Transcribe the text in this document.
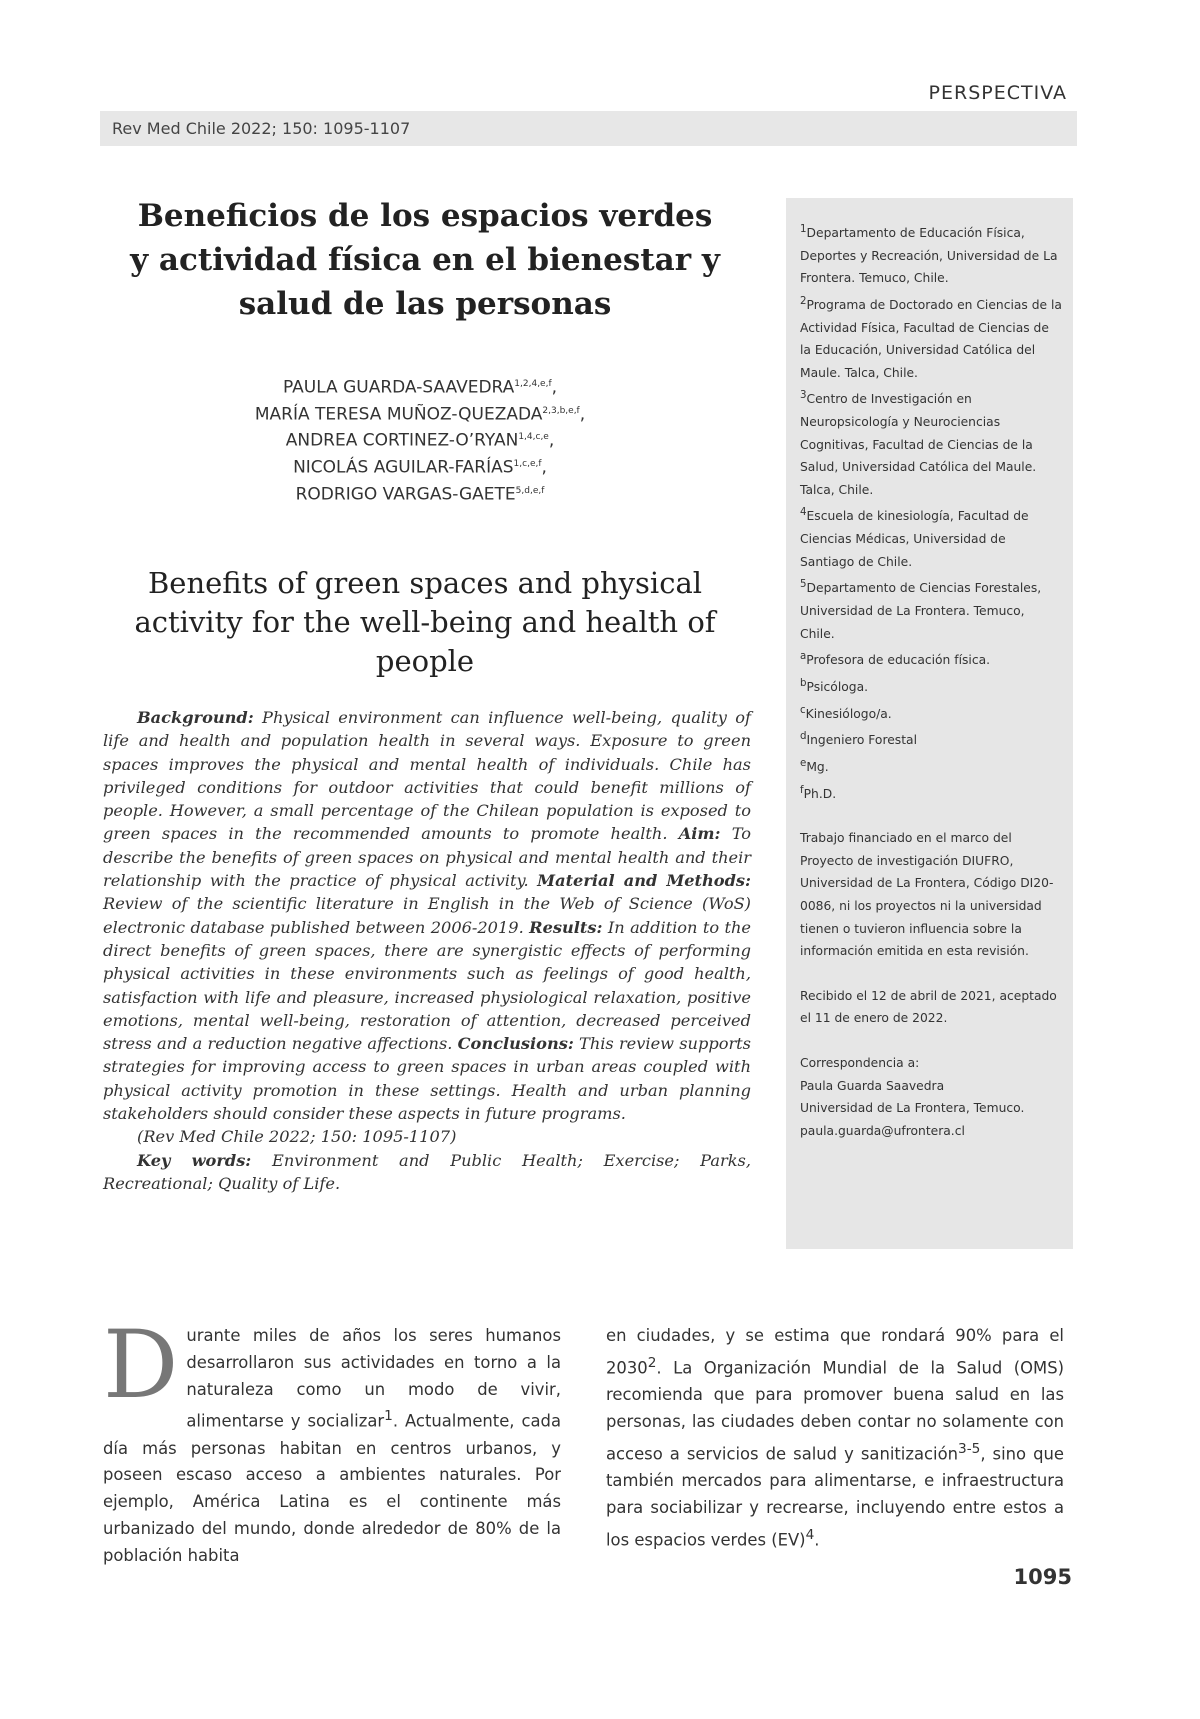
PERSPECTIVA
Rev Med Chile 2022; 150: 1095-1107
Beneficios de los espacios verdes y actividad física en el bienestar y salud de las personas
PAULA GUARDA-SAAVEDRA$^{1,2,4,e,f}$,
MARÍA TERESA MUÑOZ-QUEZADA$^{2,3,b,e,f}$,
ANDREA CORTINEZ-O’RYAN$^{1,4,c,e}$,
NICOLÁS AGUILAR-FARÍAS$^{1,c,e,f}$,
RODRIGO VARGAS-GAETE$^{5,d,e,f}$
Benefits of green spaces and physical activity for the well-being and health of people

Background: Physical environment can influence well-being, quality of life and health and population health in several ways. Exposure to green spaces improves the physical and mental health of individuals. Chile has privileged conditions for outdoor activities that could benefit millions of people. However, a small percentage of the Chilean population is exposed to green spaces in the recommended amounts to promote health. Aim: To describe the benefits of green spaces on physical and mental health and their relationship with the practice of physical activity. Material and Methods: Review of the scientific literature in English in the Web of Science (WoS) electronic database published between 2006-2019. Results: In addition to the direct benefits of green spaces, there are synergistic effects of performing physical activities in these environments such as feelings of good health, satisfaction with life and pleasure, increased physiological relaxation, positive emotions, mental well-being, restoration of attention, decreased perceived stress and a reduction negative affections. Conclusions: This review supports strategies for improving access to green spaces in urban areas coupled with physical activity promotion in these settings. Health and urban planning stakeholders should consider these aspects in future programs.

(Rev Med Chile 2022; 150: 1095-1107)

Key words: Environment and Public Health; Exercise; Parks, Recreational; Quality of Life.

$^1$Departamento de Educación Física, Deportes y Recreación, Universidad de La Frontera. Temuco, Chile.

$^2$Programa de Doctorado en Ciencias de la Actividad Física, Facultad de Ciencias de la Educación, Universidad Católica del Maule. Talca, Chile.

$^3$Centro de Investigación en Neuropsicología y Neurociencias Cognitivas, Facultad de Ciencias de la Salud, Universidad Católica del Maule. Talca, Chile.

$^4$Escuela de kinesiología, Facultad de Ciencias Médicas, Universidad de Santiago de Chile.

$^5$Departamento de Ciencias Forestales, Universidad de La Frontera. Temuco, Chile.

$^a$Profesora de educación física.

$^b$Psicóloga.

$^c$Kinesiólogo/a.

$^d$Ingeniero Forestal

$^e$Mg.

$^f$Ph.D.

Trabajo financiado en el marco del Proyecto de investigación DIUFRO, Universidad de La Frontera, Código DI20-0086, ni los proyectos ni la universidad tienen o tuvieron influencia sobre la información emitida en esta revisión.

Recibido el 12 de abril de 2021, aceptado el 11 de enero de 2022.

Correspondencia a:

Paula Guarda Saavedra

Universidad de La Frontera, Temuco.

paula.guarda@ufrontera.cl

Durante miles de años los seres humanos desarrollaron sus actividades en torno a la naturaleza como un modo de vivir, alimentarse y socializar$^1$. Actualmente, cada día más personas habitan en centros urbanos, y poseen escaso acceso a ambientes naturales. Por ejemplo, América Latina es el continente más urbanizado del mundo, donde alrededor de 80% de la población habita

en ciudades, y se estima que rondará 90% para el 2030$^2$. La Organización Mundial de la Salud (OMS) recomienda que para promover buena salud en las personas, las ciudades deben contar no solamente con acceso a servicios de salud y sanitización$^{3-5}$, sino que también mercados para alimentarse, e infraestructura para sociabilizar y recrearse, incluyendo entre estos a los espacios verdes (EV)$^4$.

1095
